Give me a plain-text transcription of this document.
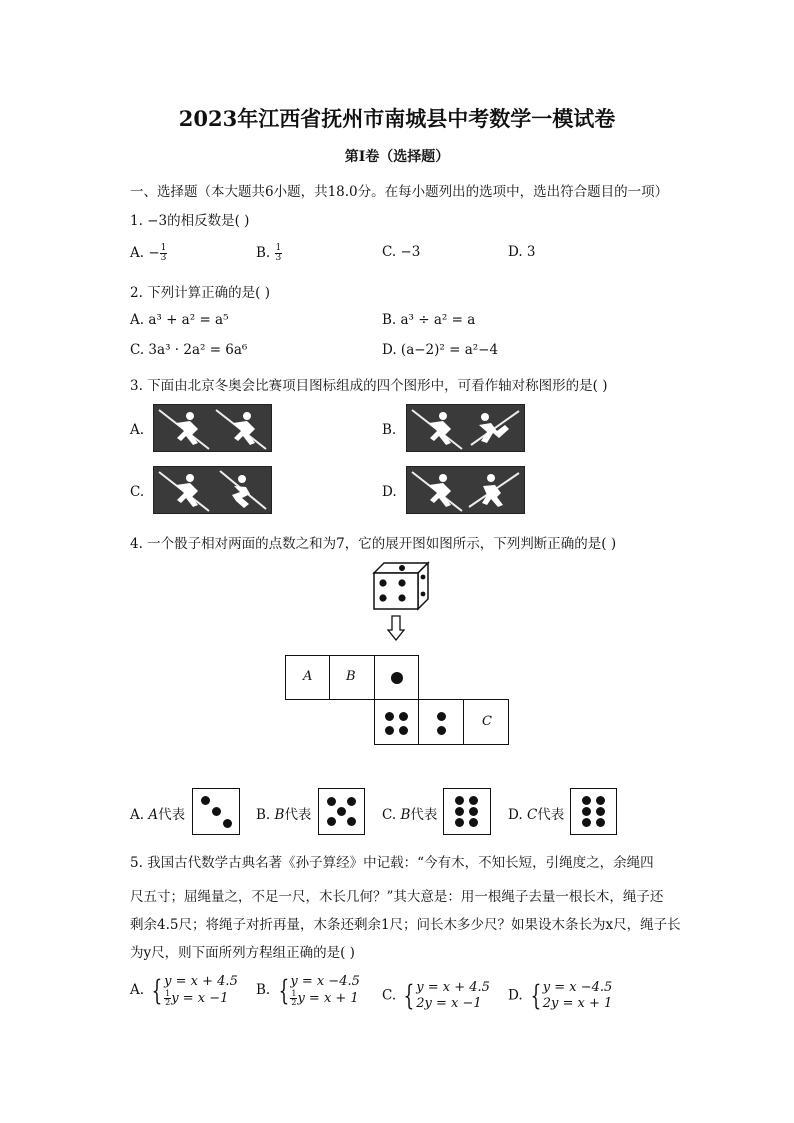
2023年江西省抚州市南城县中考数学一模试卷
第I卷（选择题）
一、选择题（本大题共6小题，共18.0分。在每小题列出的选项中，选出符合题目的一项）
1. −3的相反数是( )
A. − $\frac{1}{3}$	B. $\frac{1}{3}$	C. −3	D. 3
2. 下列计算正确的是( )
A. a³ + a² = a⁵	B. a³ ÷ a² = a
C. 3a³ · 2a² = 6a⁶	D. (a−2)² = a²−4
3. 下面由北京冬奥会比赛项目图标组成的四个图形中，可看作轴对称图形的是( )
A.	B.
C.	D.
4. 一个骰子相对两面的点数之和为7，它的展开图如图所示，下列判断正确的是( )
A	B
C
A. A代表	B. B代表	C. B代表	D. C代表
5. 我国古代数学古典名著《孙子算经》中记载：“今有木，不知长短，引绳度之，余绳四
尺五寸；屈绳量之，不足一尺，木长几何？”其大意是：用一根绳子去量一根长木，绳子还
剩余4.5尺；将绳子对折再量，木条还剩余1尺；问长木多少尺？如果设木条长为x尺，绳子长
为y尺，则下面所列方程组正确的是( )
A. { y = x + 4.5
$\frac{1}{2}$ y = x −1
B. { y = x −4.5
$\frac{1}{2}$ y = x + 1 C. { y = x + 4.5
2y = x −1	D. { y = x −4.5
2y = x + 1
